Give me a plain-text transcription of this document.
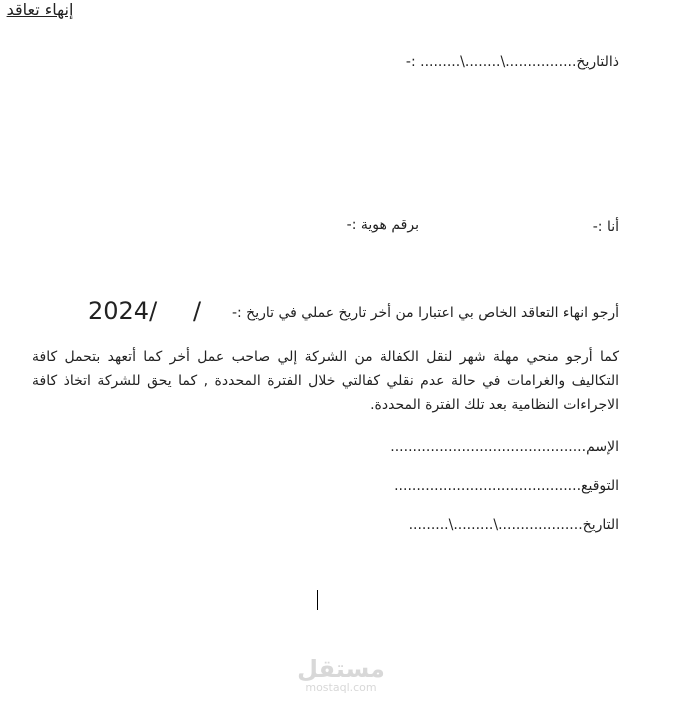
ذالتاريخ................\........\......... :-
إنهاء تعاقد
أنا :-
برقم هوية :-
أرجو انهاء التعاقد الخاص بي اعتبارا من أخر تاريخ عملي في تاريخ :-
/
2024/
كما أرجو منحي مهلة شهر لنقل الكفالة من الشركة إلي صاحب عمل أخر كما أتعهد بتحمل كافة التكاليف والغرامات في حالة عدم نقلي كفالتي خلال الفترة المحددة , كما يحق للشركة اتخاذ كافة الاجراءات النظامية بعد تلك الفترة المحددة.
الإسم............................................
التوقيع..........................................
التاريخ...................\.........\.........
مستقل
mostaql.com
